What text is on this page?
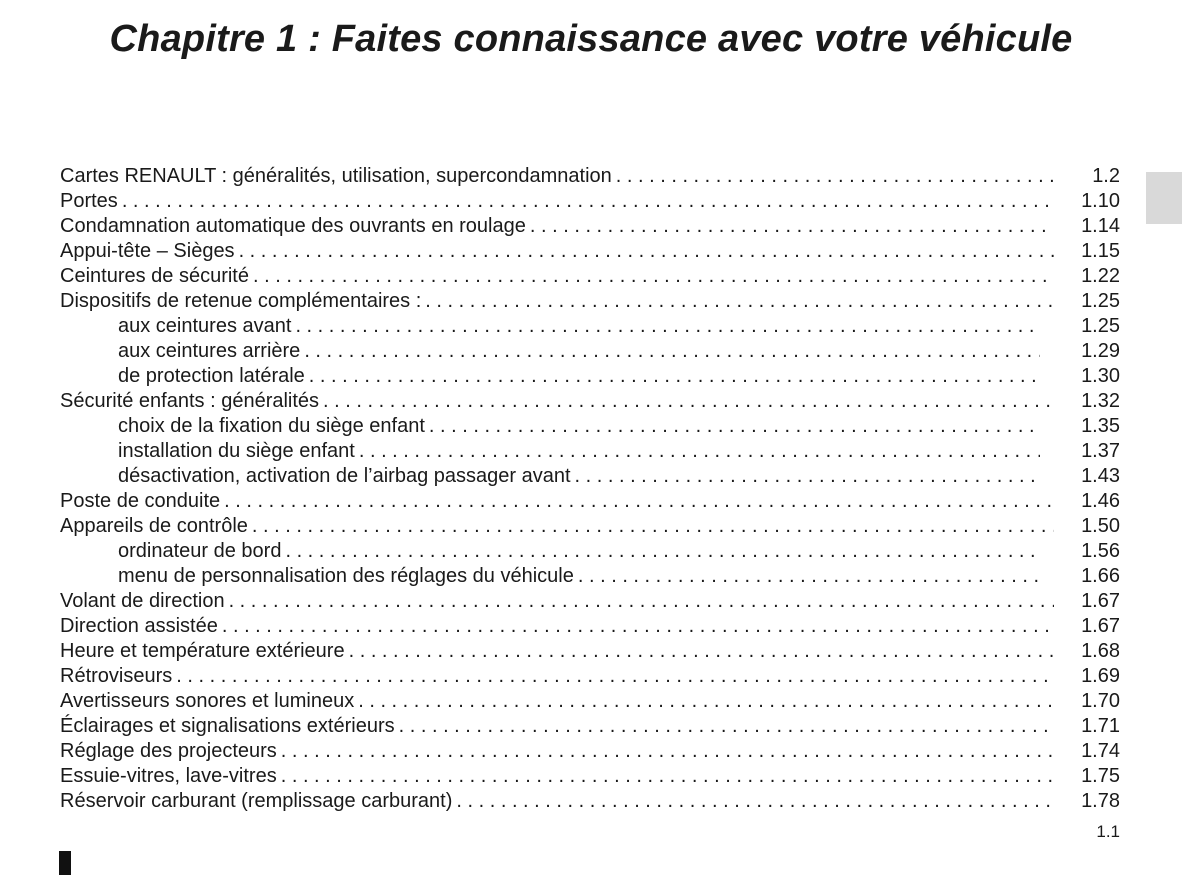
Chapitre 1 : Faites connaissance avec votre véhicule
Cartes RENAULT : généralités, utilisation, supercondamnation . . .	1.2
Portes . . .	1.10
Condamnation automatique des ouvrants en roulage . . .	1.14
Appui-tête – Sièges . . .	1.15
Ceintures de sécurité . . .	1.22
Dispositifs de retenue complémentaires : . . .	1.25
aux ceintures avant . . .	1.25
aux ceintures arrière . . .	1.29
de protection latérale . . .	1.30
Sécurité enfants : généralités . . .	1.32
choix de la fixation du siège enfant . . .	1.35
installation du siège enfant . . .	1.37
désactivation, activation de l’airbag passager avant . . .	1.43
Poste de conduite . . .	1.46
Appareils de contrôle . . .	1.50
ordinateur de bord . . .	1.56
menu de personnalisation des réglages du véhicule . . .	1.66
Volant de direction . . .	1.67
Direction assistée . . .	1.67
Heure et température extérieure . . .	1.68
Rétroviseurs . . .	1.69
Avertisseurs sonores et lumineux . . .	1.70
Éclairages et signalisations extérieurs . . .	1.71
Réglage des projecteurs . . .	1.74
Essuie-vitres, lave-vitres . . .	1.75
Réservoir carburant (remplissage carburant) . . .	1.78
1.1
